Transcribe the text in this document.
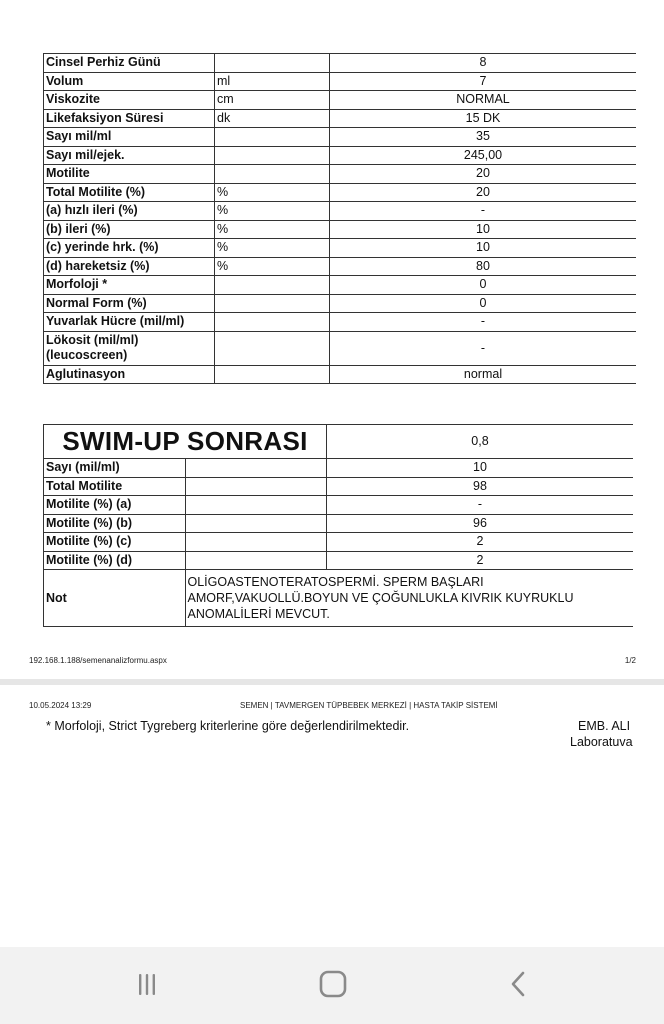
Cinsel Perhiz Günü		8
Volum	ml	7
Viskozite	cm	NORMAL
Likefaksiyon Süresi	dk	15 DK
Sayı mil/ml		35
Sayı mil/ejek.		245,00
Motilite		20
Total Motilite (%)	%	20
(a) hızlı ileri (%)	%	-
(b) ileri (%)	%	10
(c) yerinde hrk. (%)	%	10
(d) hareketsiz (%)	%	80
Morfoloji *		0
Normal Form (%)		0
Yuvarlak Hücre (mil/ml)		-
Lökosit (mil/ml) (leucoscreen)		-
Aglutinasyon		normal
SWIM-UP SONRASI		0,8
Sayı (mil/ml)		10
Total Motilite		98
Motilite (%) (a)		-
Motilite (%) (b)		96
Motilite (%) (c)		2
Motilite (%) (d)		2
Not	OLİGOASTENOTERATOSPERMİ. SPERM BAŞLARI AMORF,VAKUOLLÜ.BOYUN VE ÇOĞUNLUKLA KIVRIK KUYRUKLU ANOMALİLERİ MEVCUT.	
192.168.1.188/semenanalizformu.aspx	1/2
10.05.2024 13:29	SEMEN | TAVMERGEN TÜPBEBEK MERKEZİ | HASTA TAKİP SİSTEMİ
* Morfoloji, Strict Tygreberg kriterlerine göre değerlendirilmektedir.	EMB. ALI
Laboratuva
